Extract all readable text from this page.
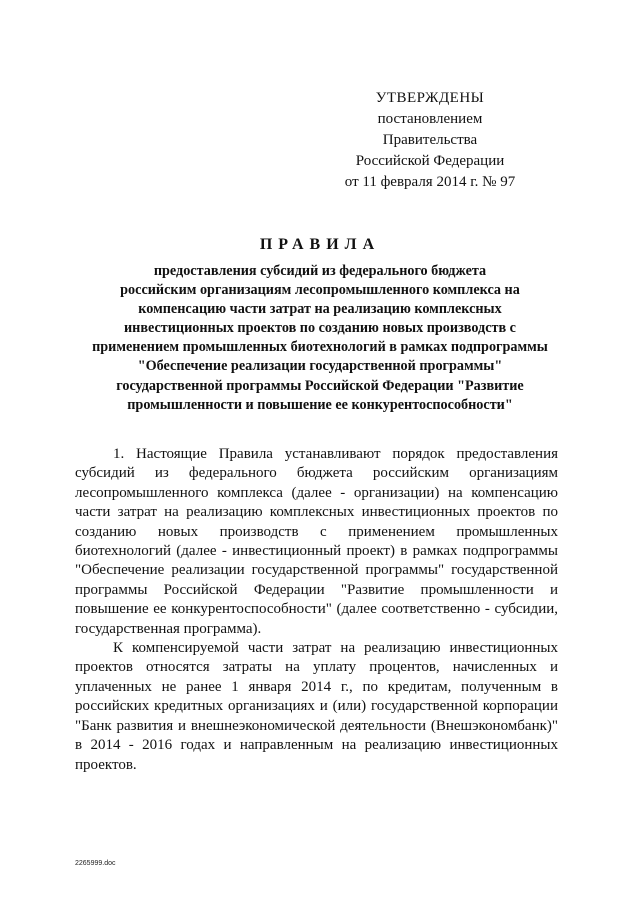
УТВЕРЖДЕНЫ
постановлением Правительства
Российской Федерации
от 11 февраля 2014 г. № 97
ПРАВИЛА
предоставления субсидий из федерального бюджета
российским организациям лесопромышленного комплекса на
компенсацию части затрат на реализацию комплексных
инвестиционных проектов по созданию новых производств с
применением промышленных биотехнологий в рамках подпрограммы
"Обеспечение реализации государственной программы"
государственной программы Российской Федерации "Развитие
промышленности и повышение ее конкурентоспособности"

1. Настоящие Правила устанавливают порядок предоставления субсидий из федерального бюджета российским организациям лесопромышленного комплекса (далее - организации) на компенсацию части затрат на реализацию комплексных инвестиционных проектов по созданию новых производств с применением промышленных биотехнологий (далее - инвестиционный проект) в рамках подпрограммы "Обеспечение реализации государственной программы" государственной программы Российской Федерации "Развитие промышленности и повышение ее конкурентоспособности" (далее соответственно - субсидии, государственная программа).

К компенсируемой части затрат на реализацию инвестиционных проектов относятся затраты на уплату процентов, начисленных и уплаченных не ранее 1 января 2014 г., по кредитам, полученным в российских кредитных организациях и (или) государственной корпорации "Банк развития и внешнеэкономической деятельности (Внешэкономбанк)" в 2014 - 2016 годах и направленным на реализацию инвестиционных проектов.

2265999.doc
